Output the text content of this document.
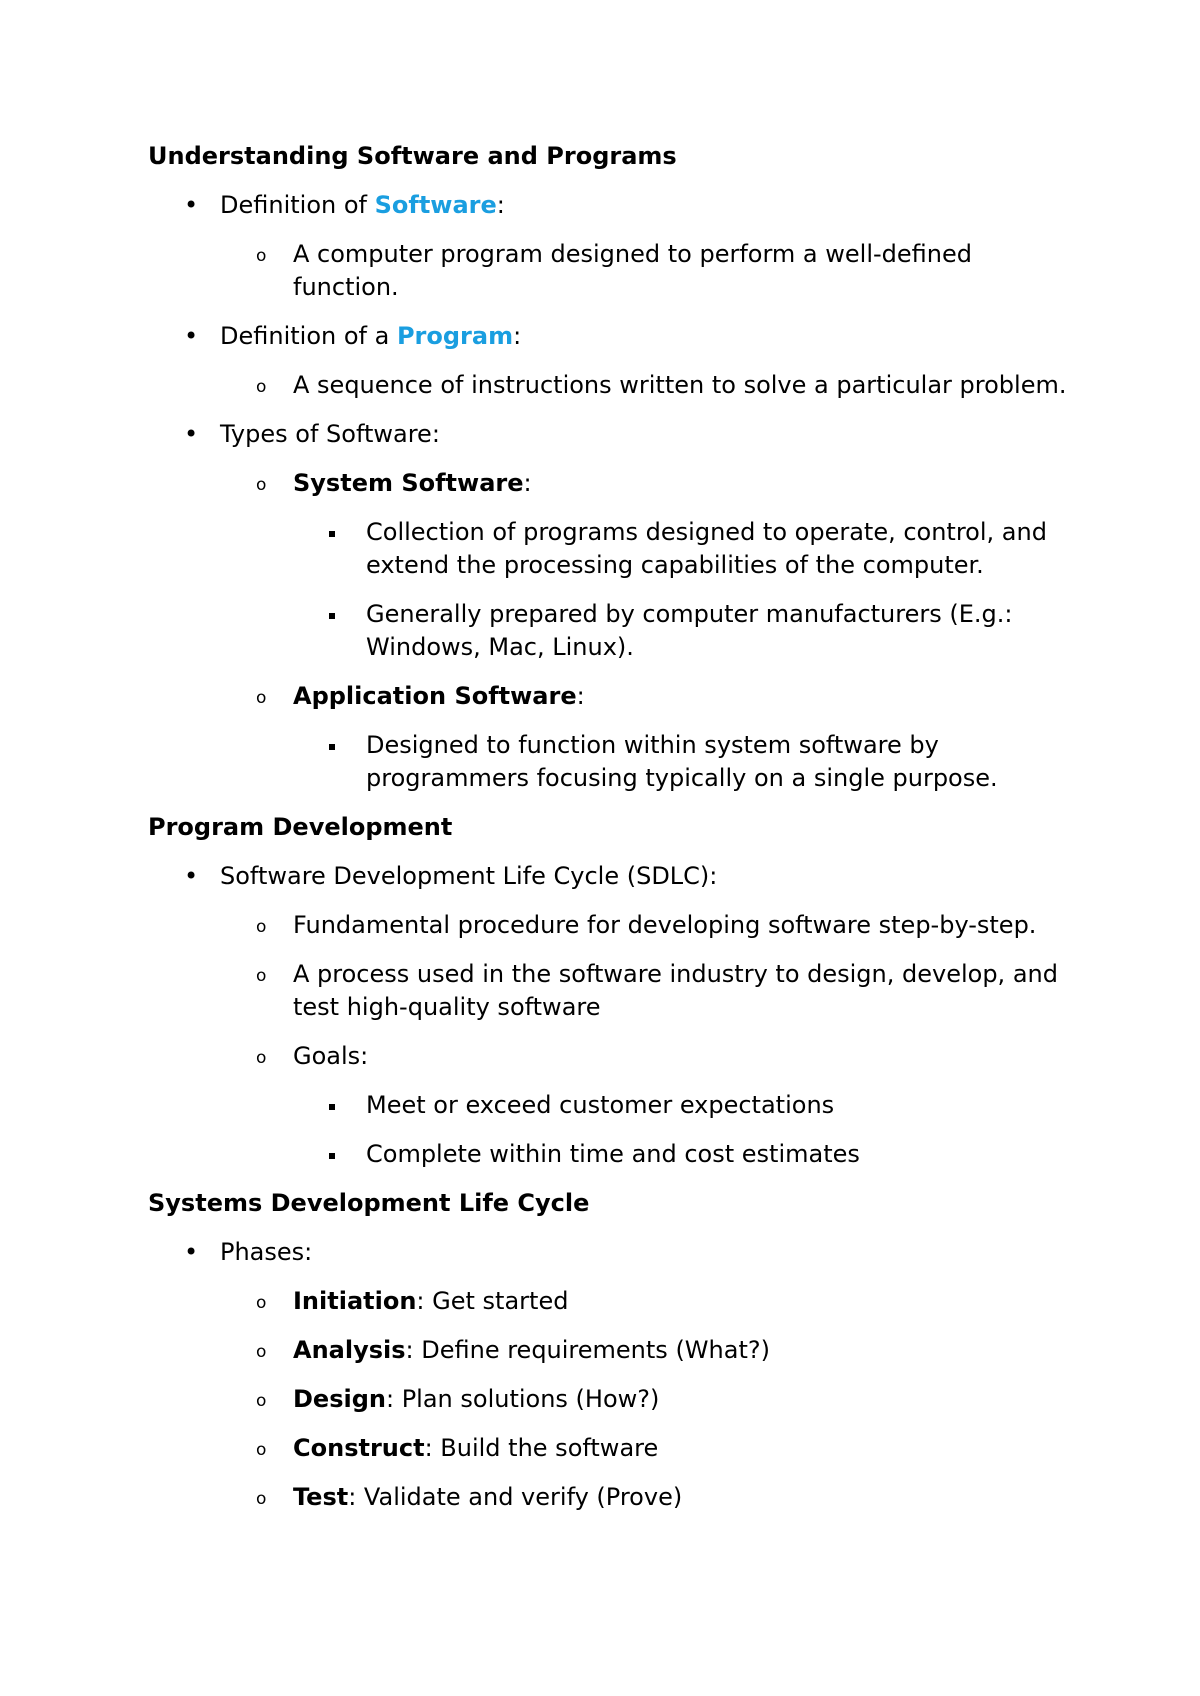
Understanding Software and Programs
• Definition of Software:
o	A computer program designed to perform a well-defined function.
• Definition of a Program:
o	A sequence of instructions written to solve a particular problem.
• Types of Software:
o	System Software:
Collection of programs designed to operate, control, and extend the processing capabilities of the computer.
Generally prepared by computer manufacturers (E.g.: Windows, Mac, Linux).
o	Application Software:
Designed to function within system software by programmers focusing typically on a single purpose.
Program Development
• Software Development Life Cycle (SDLC):
o	Fundamental procedure for developing software step-by-step.
o	A process used in the software industry to design, develop, and test high-quality software
o	Goals:
Meet or exceed customer expectations
Complete within time and cost estimates
Systems Development Life Cycle
• Phases:
o	Initiation: Get started
o	Analysis: Define requirements (What?)
o	Design: Plan solutions (How?)
o	Construct: Build the software
o	Test: Validate and verify (Prove)
